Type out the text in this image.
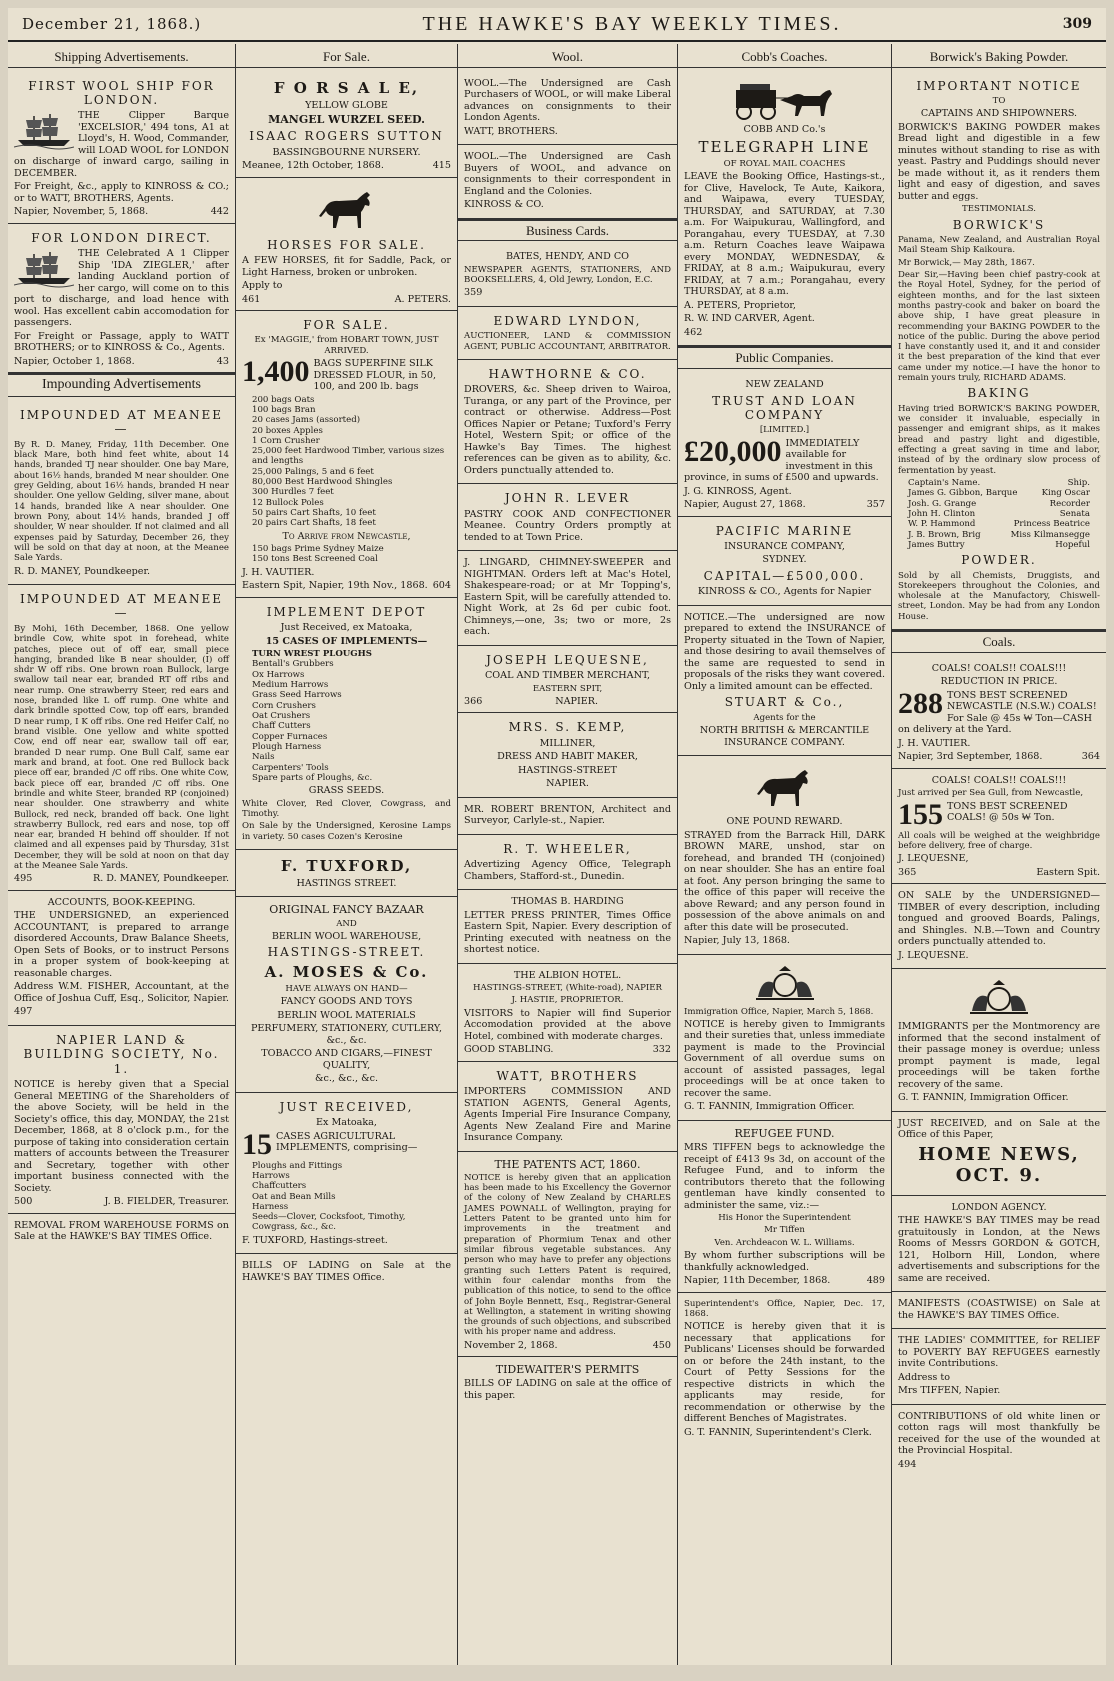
December 21, 1868.)	THE HAWKE'S BAY WEEKLY TIMES.	309
Shipping Advertisements.
FIRST WOOL SHIP FOR LONDON.

THE Clipper Barque 'EXCELSIOR,' 494 tons, A1 at Lloyd's, H. Wood, Commander, will LOAD WOOL for LONDON on discharge of inward cargo, sailing in DECEMBER.

For Freight, &c., apply to KINROSS & CO.; or to WATT, BROTHERS, Agents.

Napier, November, 5, 1868.	442
FOR LONDON DIRECT.

THE Celebrated A 1 Clipper Ship 'IDA ZIEGLER,' after landing Auckland portion of her cargo, will come on to this port to discharge, and load hence with wool. Has excellent cabin accomodation for passengers.

For Freight or Passage, apply to WATT BROTHERS; or to KINROSS & Co., Agents.

Napier, October 1, 1868.	43
Impounding Advertisements
IMPOUNDED AT MEANEE—

By R. D. Maney, Friday, 11th December. One black Mare, both hind feet white, about 14 hands, branded TJ near shoulder. One bay Mare, about 16½ hands, branded M near shoulder. One grey Gelding, about 16½ hands, branded H near shoulder. One yellow Gelding, silver mane, about 14 hands, branded like A near shoulder. One brown Pony, about 14½ hands, branded J off shoulder, W near shoulder. If not claimed and all expenses paid by Saturday, December 26, they will be sold on that day at noon, at the Meanee Sale Yards.

R. D. MANEY, Poundkeeper.

IMPOUNDED AT MEANEE—

By Mohi, 16th December, 1868. One yellow brindle Cow, white spot in forehead, white patches, piece out of off ear, small piece hanging, branded like B near shoulder, (I) off shdr W off ribs. One brown roan Bullock, large swallow tail near ear, branded RT off ribs and near rump. One strawberry Steer, red ears and nose, branded like L off rump. One white and dark brindle spotted Cow, top off ears, branded D near rump, I K off ribs. One red Heifer Calf, no brand visible. One yellow and white spotted Cow, end off near ear, swallow tail off ear, branded D near rump. One Bull Calf, same ear mark and brand, at foot. One red Bullock back piece off ear, branded /C off ribs. One white Cow, back piece off ear, branded /C off ribs. One brindle and white Steer, branded RP (conjoined) near shoulder. One strawberry and white Bullock, red neck, branded off back. One light strawberry Bullock, red ears and nose, top off near ear, branded H behind off shoulder. If not claimed and all expenses paid by Thursday, 31st December, they will be sold at noon on that day at the Meanee Sale Yards.

495	R. D. MANEY, Poundkeeper.
ACCOUNTS, BOOK-KEEPING.

THE UNDERSIGNED, an experienced ACCOUNTANT, is prepared to arrange disordered Accounts, Draw Balance Sheets, Open Sets of Books, or to instruct Persons in a proper system of book-keeping at reasonable charges.

Address W.M. FISHER, Accountant, at the Office of Joshua Cuff, Esq., Solicitor, Napier.

497

NAPIER LAND & BUILDING SOCIETY, No. 1.

NOTICE is hereby given that a Special General MEETING of the Shareholders of the above Society, will be held in the Society's office, this day, MONDAY, the 21st December, 1868, at 8 o'clock p.m., for the purpose of taking into consideration certain matters of accounts between the Treasurer and Secretary, together with other important business connected with the Society.

500	J. B. FIELDER, Treasurer.

REMOVAL FROM WAREHOUSE FORMS on Sale at the HAWKE'S BAY TIMES Office.

For Sale.
F O R S A L E,
YELLOW GLOBE
MANGEL WURZEL SEED.
ISAAC ROGERS SUTTON
BASSINGBOURNE NURSERY.
Meanee, 12th October, 1868.	415
HORSES FOR SALE.

A FEW HORSES, fit for Saddle, Pack, or Light Harness, broken or unbroken.

Apply to

461	A. PETERS.
FOR SALE.
Ex 'MAGGIE,' from HOBART TOWN, JUST ARRIVED.
1,400 BAGS SUPERFINE SILK DRESSED FLOUR, in 50, 100, and 200 lb. bags
200 bags Oats
100 bags Bran
20 cases Jams (assorted)
20 boxes Apples
1 Corn Crusher
25,000 feet Hardwood Timber, various sizes and lengths
25,000 Palings, 5 and 6 feet
80,000 Best Hardwood Shingles
300 Hurdles 7 feet
12 Bullock Poles
50 pairs Cart Shafts, 10 feet
20 pairs Cart Shafts, 18 feet
To Arrive from Newcastle,
150 bags Prime Sydney Maize
150 tons Best Screened Coal

J. H. VAUTIER.

Eastern Spit, Napier, 19th Nov., 1868. 604
IMPLEMENT DEPOT
Just Received, ex Matoaka,
15 CASES OF IMPLEMENTS—
TURN WREST PLOUGHS
Bentall's Grubbers
Ox Harrows
Medium Harrows
Grass Seed Harrows
Corn Crushers
Oat Crushers
Chaff Cutters
Copper Furnaces
Plough Harness
Nails
Carpenters' Tools
Spare parts of Ploughs, &c.
GRASS SEEDS.

White Clover, Red Clover, Cowgrass, and Timothy.

On Sale by the Undersigned, Kerosine Lamps in variety. 50 cases Cozen's Kerosine

F. TUXFORD,
HASTINGS STREET.
ORIGINAL FANCY BAZAAR
AND
BERLIN WOOL WAREHOUSE,
HASTINGS-STREET.
A. MOSES & Co.
HAVE ALWAYS ON HAND—
FANCY GOODS AND TOYS
BERLIN WOOL MATERIALS
PERFUMERY, STATIONERY, CUTLERY, &c., &c.
TOBACCO AND CIGARS,—FINEST QUALITY,
&c., &c., &c.
JUST RECEIVED,
Ex Matoaka,
15 CASES AGRICULTURAL IMPLEMENTS, comprising—
Ploughs and Fittings
Harrows
Chaffcutters
Oat and Bean Mills
Harness
Seeds—Clover, Cocksfoot, Timothy, Cowgrass, &c., &c.

F. TUXFORD, Hastings-street.

BILLS OF LADING on Sale at the HAWKE'S BAY TIMES Office.

Wool.

WOOL.—The Undersigned are Cash Purchasers of WOOL, or will make Liberal advances on consignments to their London Agents.

WATT, BROTHERS.

WOOL.—The Undersigned are Cash Buyers of WOOL, and advance on consignments to their correspondent in England and the Colonies.

KINROSS & CO.

Business Cards.
BATES, HENDY, AND CO

NEWSPAPER AGENTS, STATIONERS, AND BOOKSELLERS, 4, Old Jewry, London, E.C.

359

EDWARD LYNDON,

AUCTIONEER, LAND & COMMISSION AGENT, PUBLIC ACCOUNTANT, ARBITRATOR.

HAWTHORNE & CO.

DROVERS, &c. Sheep driven to Wairoa, Turanga, or any part of the Province, per contract or otherwise. Address—Post Offices Napier or Petane; Tuxford's Ferry Hotel, Western Spit; or office of the Hawke's Bay Times. The highest references can be given as to ability, &c. Orders punctually attended to.

JOHN R. LEVER

PASTRY COOK AND CONFECTIONER Meanee. Country Orders promptly at tended to at Town Price.

J. LINGARD, CHIMNEY-SWEEPER and NIGHTMAN. Orders left at Mac's Hotel, Shakespeare-road; or at Mr Topping's, Eastern Spit, will be carefully attended to. Night Work, at 2s 6d per cubic foot. Chimneys,—one, 3s; two or more, 2s each.

JOSEPH LEQUESNE,
COAL AND TIMBER MERCHANT,
EASTERN SPIT,
366	NAPIER.
MRS. S. KEMP,
MILLINER,
DRESS AND HABIT MAKER,
HASTINGS-STREET
NAPIER.

MR. ROBERT BRENTON, Architect and Surveyor, Carlyle-st., Napier.

R. T. WHEELER,

Advertizing Agency Office, Telegraph Chambers, Stafford-st., Dunedin.

THOMAS B. HARDING

LETTER PRESS PRINTER, Times Office Eastern Spit, Napier. Every description of Printing executed with neatness on the shortest notice.

THE ALBION HOTEL.
HASTINGS-STREET, (White-road), NAPIER
J. HASTIE, PROPRIETOR.

VISITORS to Napier will find Superior Accomodation provided at the above Hotel, combined with moderate charges.

GOOD STABLING.	332
WATT, BROTHERS

IMPORTERS COMMISSION AND STATION AGENTS, General Agents, Agents Imperial Fire Insurance Company, Agents New Zealand Fire and Marine Insurance Company.

THE PATENTS ACT, 1860.

NOTICE is hereby given that an application has been made to his Excellency the Governor of the colony of New Zealand by CHARLES JAMES POWNALL of Wellington, praying for Letters Patent to be granted unto him for improvements in the treatment and preparation of Phormium Tenax and other similar fibrous vegetable substances. Any person who may have to prefer any objections granting such Letters Patent is required, within four calendar months from the publication of this notice, to send to the office of John Boyle Bennett, Esq., Registrar-General at Wellington, a statement in writing showing the grounds of such objections, and subscribed with his proper name and address.

November 2, 1868.	450
TIDEWAITER'S PERMITS

BILLS OF LADING on sale at the office of this paper.

Cobb's Coaches.
COBB AND Co.'s
TELEGRAPH LINE
OF ROYAL MAIL COACHES

LEAVE the Booking Office, Hastings-st., for Clive, Havelock, Te Aute, Kaikora, and Waipawa, every TUESDAY, THURSDAY, and SATURDAY, at 7.30 a.m. For Waipukurau, Wallingford, and Porangahau, every TUESDAY, at 7.30 a.m. Return Coaches leave Waipawa every MONDAY, WEDNESDAY, & FRIDAY, at 8 a.m.; Waipukurau, every FRIDAY, at 7 a.m.; Porangahau, every THURSDAY, at 8 a.m.

A. PETERS, Proprietor,

R. W. IND CARVER, Agent.

462

Public Companies.
NEW ZEALAND
TRUST AND LOAN COMPANY
[LIMITED.]
£20,000 IMMEDIATELY available for investment in this province, in sums of £500 and upwards.

J. G. KINROSS, Agent.

Napier, August 27, 1868.	357
PACIFIC MARINE
INSURANCE COMPANY,
SYDNEY.
CAPITAL—£500,000.
KINROSS & CO., Agents for Napier

NOTICE.—The undersigned are now prepared to extend the INSURANCE of Property situated in the Town of Napier, and those desiring to avail themselves of the same are requested to send in proposals of the risks they want covered. Only a limited amount can be effected.

STUART & Co.,
Agents for the
NORTH BRITISH & MERCANTILE INSURANCE COMPANY.
ONE POUND REWARD.

STRAYED from the Barrack Hill, DARK BROWN MARE, unshod, star on forehead, and branded TH (conjoined) on near shoulder. She has an entire foal at foot. Any person bringing the same to the office of this paper will receive the above Reward; and any person found in possession of the above animals on and after this date will be prosecuted.

Napier, July 13, 1868.

Immigration Office, Napier, March 5, 1868.

NOTICE is hereby given to Immigrants and their sureties that, unless immediate payment is made to the Provincial Government of all overdue sums on account of assisted passages, legal proceedings will be at once taken to recover the same.

G. T. FANNIN, Immigration Officer.

REFUGEE FUND.

MRS TIFFEN begs to acknowledge the receipt of £413 9s 3d, on account of the Refugee Fund, and to inform the contributors thereto that the following gentleman have kindly consented to administer the same, viz.:—

His Honor the Superintendent
Mr Tiffen
Ven. Archdeacon W. L. Williams.

By whom further subscriptions will be thankfully acknowledged.

Napier, 11th December, 1868.	489

Superintendent's Office, Napier, Dec. 17, 1868.

NOTICE is hereby given that it is necessary that applications for Publicans' Licenses should be forwarded on or before the 24th instant, to the Court of Petty Sessions for the respective districts in which the applicants may reside, for recommendation or otherwise by the different Benches of Magistrates.

G. T. FANNIN, Superintendent's Clerk.

Borwick's Baking Powder.
IMPORTANT NOTICE
TO
CAPTAINS AND SHIPOWNERS.

BORWICK'S BAKING POWDER makes Bread light and digestible in a few minutes without standing to rise as with yeast. Pastry and Puddings should never be made without it, as it renders them light and easy of digestion, and saves butter and eggs.

TESTIMONIALS.
BORWICK'S

Panama, New Zealand, and Australian Royal Mail Steam Ship Kaikoura.

Mr Borwick,— May 28th, 1867.

Dear Sir,—Having been chief pastry-cook at the Royal Hotel, Sydney, for the period of eighteen months, and for the last sixteen months pastry-cook and baker on board the above ship, I have great pleasure in recommending your BAKING POWDER to the notice of the public. During the above period I have constantly used it, and it and consider it the best preparation of the kind that ever came under my notice.—I have the honor to remain yours truly, RICHARD ADAMS.

BAKING

Having tried BORWICK'S BAKING POWDER, we consider it invaluable, especially in passenger and emigrant ships, as it makes bread and pastry light and digestible, effecting a great saving in time and labor, instead of by the ordinary slow process of fermentation by yeast.

Captain's Name.	Ship.
James G. Gibbon, Barque	King Oscar
Josh. G. Grange	Recorder
John H. Clinton	Senata
W. P. Hammond	Princess Beatrice
J. B. Brown, Brig	Miss Kilmansegge
James Buttry	Hopeful
POWDER.

Sold by all Chemists, Druggists, and Storekeepers throughout the Colonies, and wholesale at the Manufactory, Chiswell-street, London. May be had from any London House.

Coals.
COALS! COALS!! COALS!!!
REDUCTION IN PRICE.
288 TONS BEST SCREENED NEWCASTLE (N.S.W.) COALS! For Sale @ 45s ₩ Ton—CASH on delivery at the Yard.

J. H. VAUTIER.

Napier, 3rd September, 1868.	364
COALS! COALS!! COALS!!!

Just arrived per Sea Gull, from Newcastle,

155 TONS BEST SCREENED COALS! @ 50s ₩ Ton.

All coals will be weighed at the weighbridge before delivery, free of charge.

J. LEQUESNE,

365	Eastern Spit.

ON SALE by the UNDERSIGNED—TIMBER of every description, including tongued and grooved Boards, Palings, and Shingles. N.B.—Town and Country orders punctually attended to.

J. LEQUESNE.

IMMIGRANTS per the Montmorency are informed that the second instalment of their passage money is overdue; unless prompt payment is made, legal proceedings will be taken forthe recovery of the same.

G. T. FANNIN, Immigration Officer.

JUST RECEIVED, and on Sale at the Office of this Paper,

HOME NEWS, OCT. 9.
LONDON AGENCY.

THE HAWKE'S BAY TIMES may be read gratuitously in London, at the News Rooms of Messrs GORDON & GOTCH, 121, Holborn Hill, London, where advertisements and subscriptions for the same are received.

MANIFESTS (COASTWISE) on Sale at the HAWKE'S BAY TIMES Office.

THE LADIES' COMMITTEE, for RELIEF to POVERTY BAY REFUGEES earnestly invite Contributions.

Address to

Mrs TIFFEN, Napier.

CONTRIBUTIONS of old white linen or cotton rags will most thankfully be received for the use of the wounded at the Provincial Hospital.

494
